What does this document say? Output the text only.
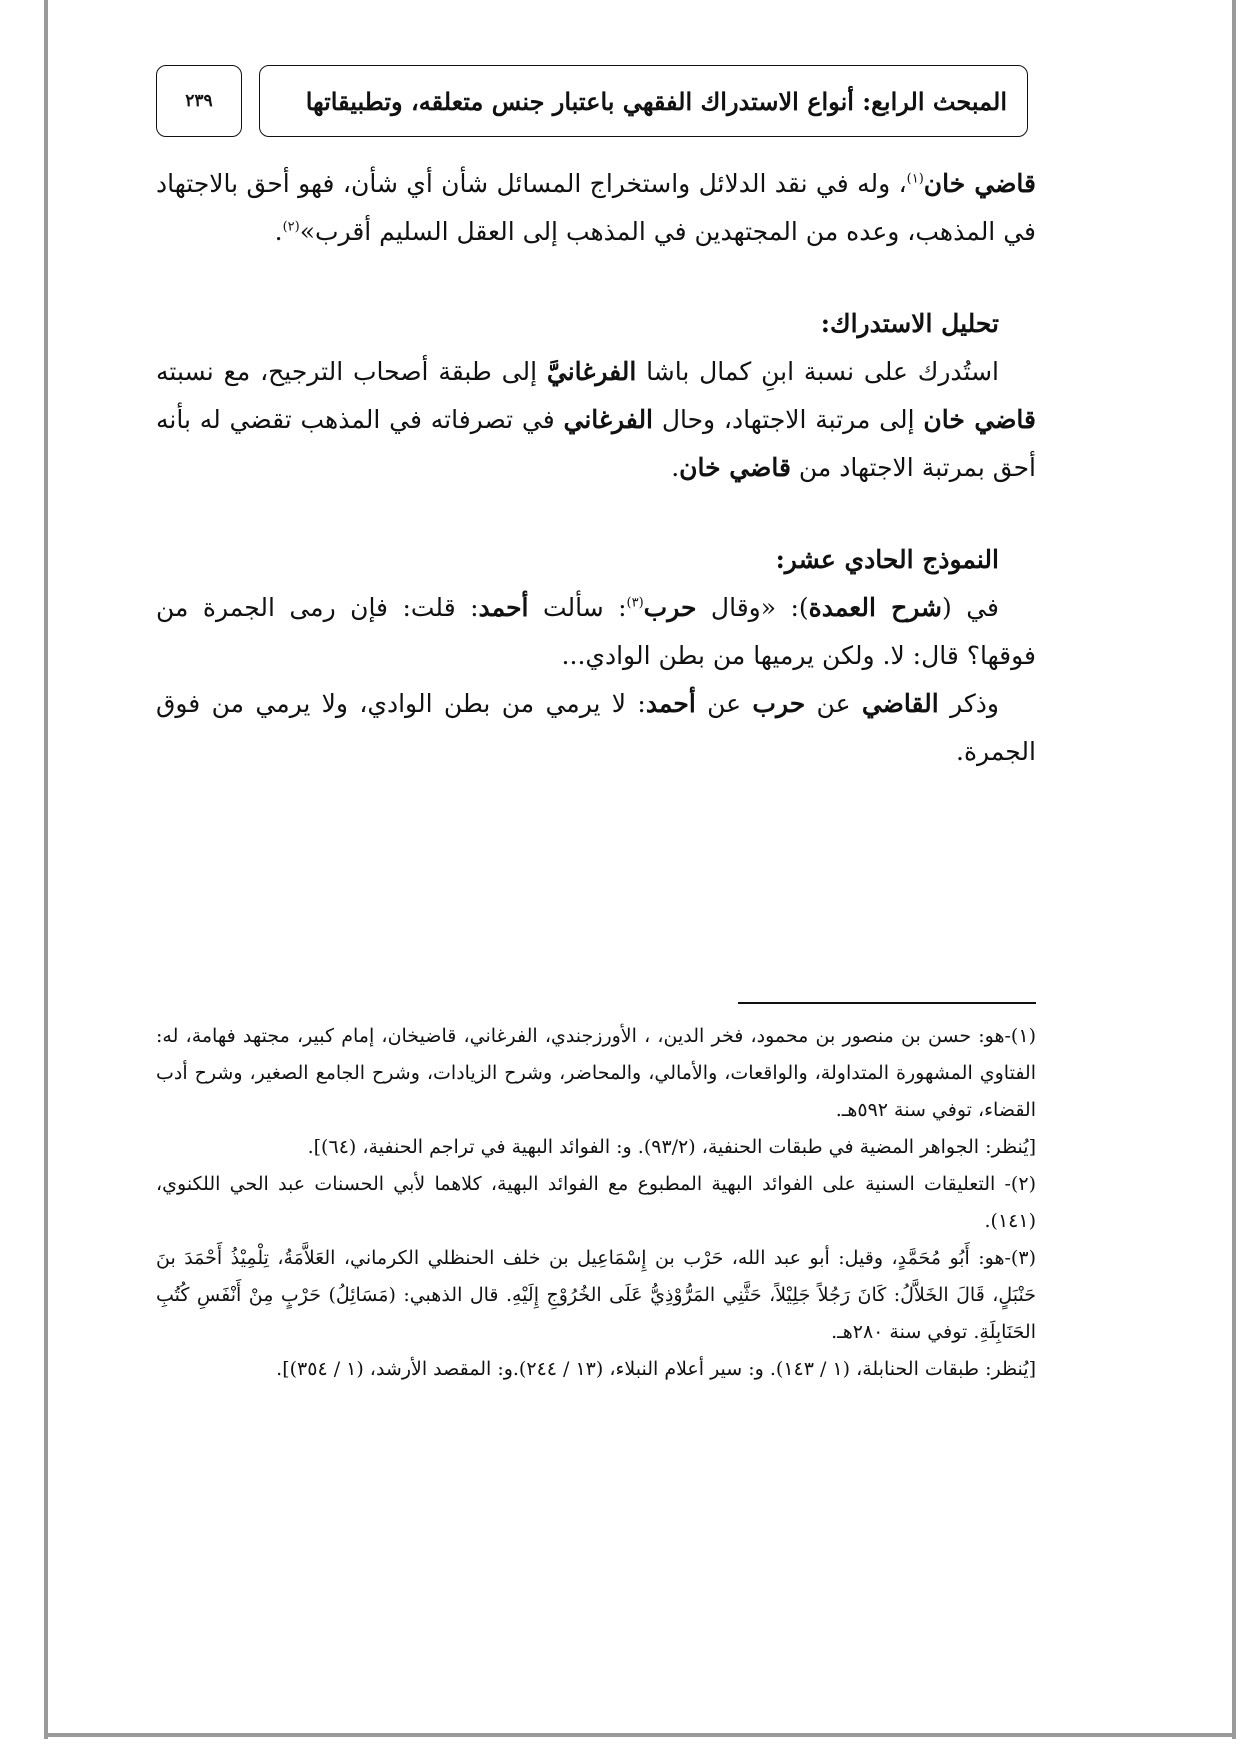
المبحث الرابع: أنواع الاستدراك الفقهي باعتبار جنس متعلقه، وتطبيقاتها
٢٣٩

قاضي خان$^{(١)}$، وله في نقد الدلائل واستخراج المسائل شأن أي شأن، فهو أحق بالاجتهاد في المذهب، وعده من المجتهدين في المذهب إلى العقل السليم أقرب»$^{(٢)}$.

تحليل الاستدراك:

استُدرك على نسبة ابنِ كمال باشا الفرغانيَّ إلى طبقة أصحاب الترجيح، مع نسبته قاضي خان إلى مرتبة الاجتهاد، وحال الفرغاني في تصرفاته في المذهب تقضي له بأنه أحق بمرتبة الاجتهاد من قاضي خان.

النموذج الحادي عشر:

في (شرح العمدة): «وقال حرب$^{(٣)}$: سألت أحمد: قلت: فإن رمى الجمرة من فوقها؟ قال: لا. ولكن يرميها من بطن الوادي...

وذكر القاضي عن حرب عن أحمد: لا يرمي من بطن الوادي، ولا يرمي من فوق الجمرة.

(١)-هو: حسن بن منصور بن محمود، فخر الدين، ، الأورزجندي، الفرغاني، قاضيخان، إمام كبير، مجتهد فهامة، له: الفتاوي المشهورة المتداولة، والواقعات، والأمالي، والمحاضر، وشرح الزيادات، وشرح الجامع الصغير، وشرح أدب القضاء، توفي سنة ٥٩٢هـ.

[يُنظر: الجواهر المضية في طبقات الحنفية، (٩٣/٢). و: الفوائد البهية في تراجم الحنفية، (٦٤)].

(٢)- التعليقات السنية على الفوائد البهية المطبوع مع الفوائد البهية، كلاهما لأبي الحسنات عبد الحي اللكنوي، (١٤١).

(٣)-هو: أَبُو مُحَمَّدٍ، وقيل: أبو عبد الله، حَرْب بن إِسْمَاعِيل بن خلف الحنظلي الكرماني، العَلاَّمَةُ، تِلْمِيْذُ أَحْمَدَ بنَ حَنْبَلٍ، قَالَ الخَلاَّلُ: كَانَ رَجُلاً جَلِيْلاً، حَثَّنِي المَرُّوْذِيُّ عَلَى الخُرُوْجِ إِلَيْهِ. قال الذهبي: (مَسَائِلُ) حَرْبٍ مِنْ أَنْفَسِ كُتُبِ الحَنَابِلَةِ. توفي سنة ٢٨٠هـ.

[يُنظر: طبقات الحنابلة، (١ / ١٤٣). و: سير أعلام النبلاء، (١٣ / ٢٤٤).و: المقصد الأرشد، (١ / ٣٥٤)].
